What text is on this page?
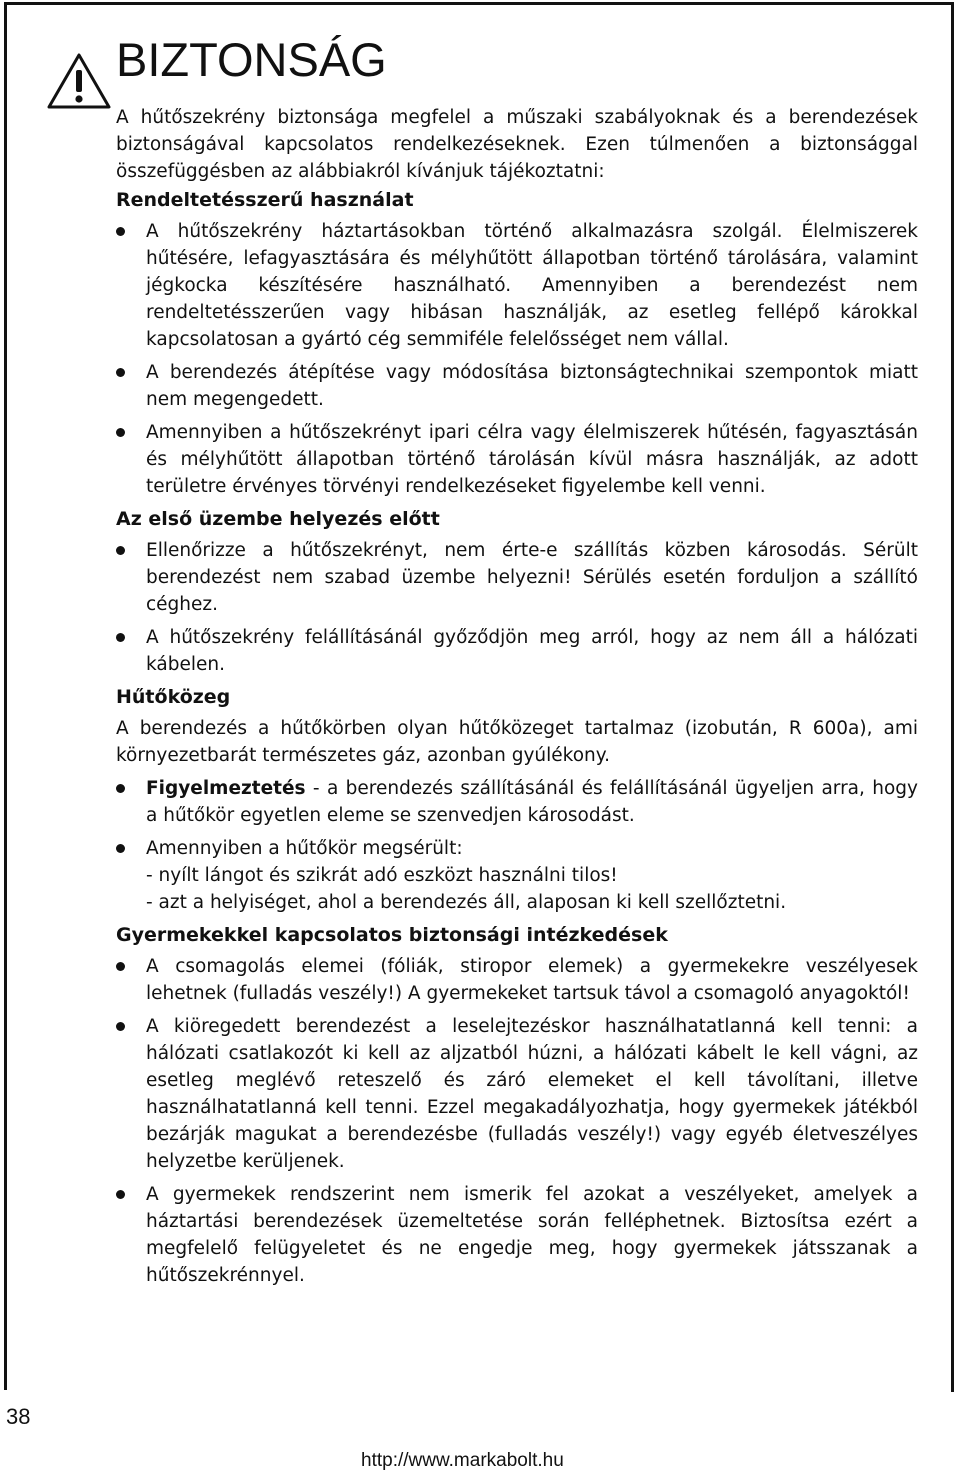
BIZTONSÁG

A hűtőszekrény biztonsága megfelel a műszaki szabályoknak és a berendezések biztonságával kapcsolatos rendelkezéseknek. Ezen túlmenően a biztonsággal összefüggésben az alábbiakról kívánjuk tájékoztatni:

Rendeltetésszerű használat
A hűtőszekrény háztartásokban történő alkalmazásra szolgál. Élelmiszerek hűtésére, lefagyasztására és mélyhűtött állapotban történő tárolására, valamint jégkocka készítésére használható. Amennyiben a berendezést nem rendeltetésszerűen vagy hibásan használják, az esetleg fellépő károkkal kapcsolatosan a gyártó cég semmiféle felelősséget nem vállal.
A berendezés átépítése vagy módosítása biztonságtechnikai szempontok miatt nem megengedett.
Amennyiben a hűtőszekrényt ipari célra vagy élelmiszerek hűtésén, fagyasztásán és mélyhűtött állapotban történő tárolásán kívül másra használják, az adott területre érvényes törvényi rendelkezéseket figyelembe kell venni.
Az első üzembe helyezés előtt
Ellenőrizze a hűtőszekrényt, nem érte-e szállítás közben károsodás. Sérült berendezést nem szabad üzembe helyezni! Sérülés esetén forduljon a szállító céghez.
A hűtőszekrény felállításánál győződjön meg arról, hogy az nem áll a hálózati kábelen.
Hűtőközeg

A berendezés a hűtőkörben olyan hűtőközeget tartalmaz (izobután, R 600a), ami környezetbarát természetes gáz, azonban gyúlékony.

Figyelmeztetés - a berendezés szállításánál és felállításánál ügyeljen arra, hogy a hűtőkör egyetlen eleme se szenvedjen károsodást.
Amennyiben a hűtőkör megsérült:
- nyílt lángot és szikrát adó eszközt használni tilos!
- azt a helyiséget, ahol a berendezés áll, alaposan ki kell szellőztetni.
Gyermekekkel kapcsolatos biztonsági intézkedések
A csomagolás elemei (fóliák, stiropor elemek) a gyermekekre veszélyesek lehetnek (fulladás veszély!) A gyermekeket tartsuk távol a csomagoló anyagoktól!
A kiöregedett berendezést a leselejtezéskor használhatatlanná kell tenni: a hálózati csatlakozót ki kell az aljzatból húzni, a hálózati kábelt le kell vágni, az esetleg meglévő reteszelő és záró elemeket el kell távolítani, illetve használhatatlanná kell tenni. Ezzel megakadályozhatja, hogy gyermekek játékból bezárják magukat a berendezésbe (fulladás veszély!) vagy egyéb életveszélyes helyzetbe kerüljenek.
A gyermekek rendszerint nem ismerik fel azokat a veszélyeket, amelyek a háztartási berendezések üzemeltetése során felléphetnek. Biztosítsa ezért a megfelelő felügyeletet és ne engedje meg, hogy gyermekek játsszanak a hűtőszekrénnyel.
38
http://www.markabolt.hu
